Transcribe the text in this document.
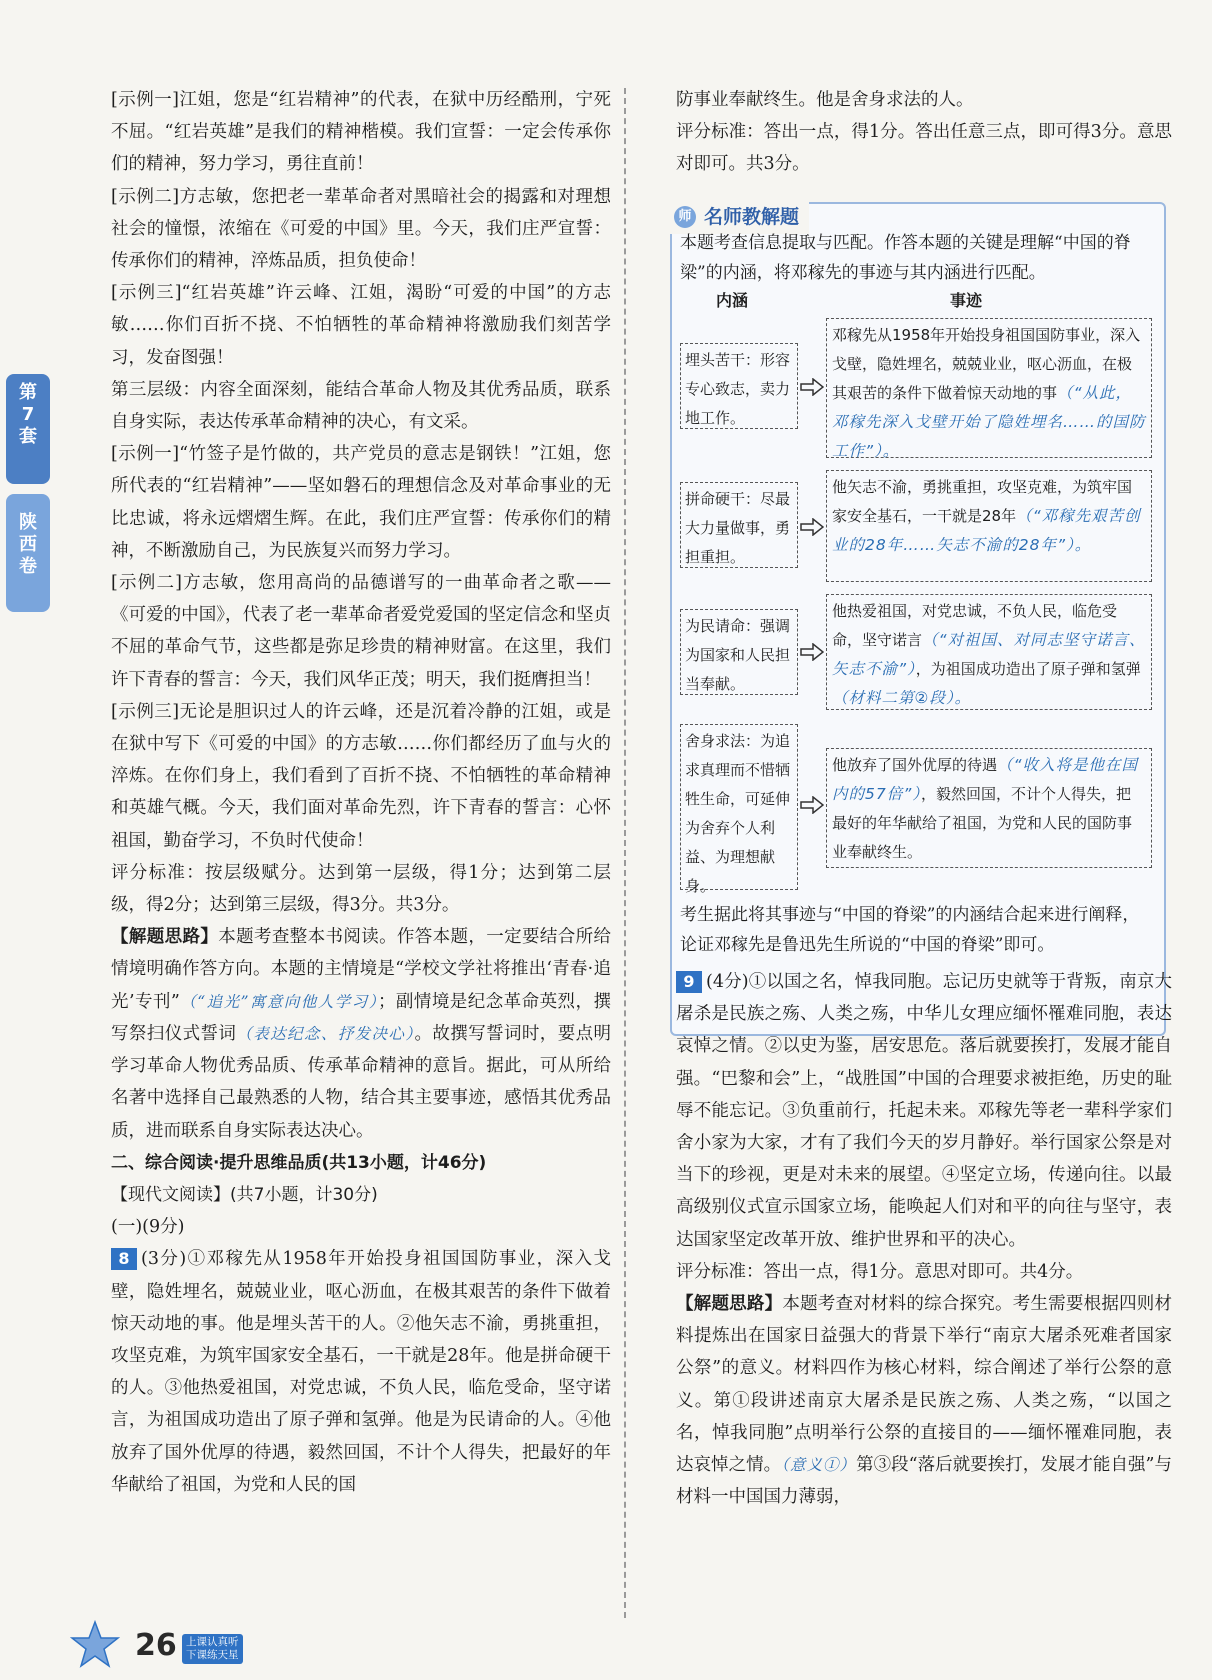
第7套
陕西卷

[示例一]江姐，您是“红岩精神”的代表，在狱中历经酷刑，宁死不屈。“红岩英雄”是我们的精神楷模。我们宣誓：一定会传承你们的精神，努力学习，勇往直前！

[示例二]方志敏，您把老一辈革命者对黑暗社会的揭露和对理想社会的憧憬，浓缩在《可爱的中国》里。今天，我们庄严宣誓：传承你们的精神，淬炼品质，担负使命！

[示例三]“红岩英雄”许云峰、江姐，渴盼“可爱的中国”的方志敏……你们百折不挠、不怕牺牲的革命精神将激励我们刻苦学习，发奋图强！

第三层级：内容全面深刻，能结合革命人物及其优秀品质，联系自身实际，表达传承革命精神的决心，有文采。

[示例一]“竹签子是竹做的，共产党员的意志是钢铁！”江姐，您所代表的“红岩精神”——坚如磐石的理想信念及对革命事业的无比忠诚，将永远熠熠生辉。在此，我们庄严宣誓：传承你们的精神，不断激励自己，为民族复兴而努力学习。

[示例二]方志敏，您用高尚的品德谱写的一曲革命者之歌——《可爱的中国》，代表了老一辈革命者爱党爱国的坚定信念和坚贞不屈的革命气节，这些都是弥足珍贵的精神财富。在这里，我们许下青春的誓言：今天，我们风华正茂；明天，我们挺膺担当！

[示例三]无论是胆识过人的许云峰，还是沉着冷静的江姐，或是在狱中写下《可爱的中国》的方志敏……你们都经历了血与火的淬炼。在你们身上，我们看到了百折不挠、不怕牺牲的革命精神和英雄气概。今天，我们面对革命先烈，许下青春的誓言：心怀祖国，勤奋学习，不负时代使命！

评分标准：按层级赋分。达到第一层级，得1分；达到第二层级，得2分；达到第三层级，得3分。共3分。

【解题思路】本题考查整本书阅读。作答本题，一定要结合所给情境明确作答方向。本题的主情境是“学校文学社将推出‘青春·追光’专刊”（“追光”寓意向他人学习）；副情境是纪念革命英烈，撰写祭扫仪式誓词（表达纪念、抒发决心）。故撰写誓词时，要点明学习革命人物优秀品质、传承革命精神的意旨。据此，可从所给名著中选择自己最熟悉的人物，结合其主要事迹，感悟其优秀品质，进而联系自身实际表达决心。

二、综合阅读·提升思维品质(共13小题，计46分)

【现代文阅读】(共7小题，计30分)

(一)(9分)

8 (3分)①邓稼先从1958年开始投身祖国国防事业，深入戈壁，隐姓埋名，兢兢业业，呕心沥血，在极其艰苦的条件下做着惊天动地的事。他是埋头苦干的人。②他矢志不渝，勇挑重担，攻坚克难，为筑牢国家安全基石，一干就是28年。他是拼命硬干的人。③他热爱祖国，对党忠诚，不负人民，临危受命，坚守诺言，为祖国成功造出了原子弹和氢弹。他是为民请命的人。④他放弃了国外优厚的待遇，毅然回国，不计个人得失，把最好的年华献给了祖国，为党和人民的国

防事业奉献终生。他是舍身求法的人。

评分标准：答出一点，得1分。答出任意三点，即可得3分。意思对即可。共3分。

师 名师教解题
本题考查信息提取与匹配。作答本题的关键是理解“中国的脊梁”的内涵，将邓稼先的事迹与其内涵进行匹配。
内涵	事迹
埋头苦干：形容专心致志，卖力地工作。
邓稼先从1958年开始投身祖国国防事业，深入戈壁，隐姓埋名，兢兢业业，呕心沥血，在极其艰苦的条件下做着惊天动地的事（“从此，邓稼先深入戈壁开始了隐姓埋名……的国防工作”）。
拼命硬干：尽最大力量做事，勇担重担。
他矢志不渝，勇挑重担，攻坚克难，为筑牢国家安全基石，一干就是28年（“邓稼先艰苦创业的28年……矢志不渝的28年”）。
为民请命：强调为国家和人民担当奉献。
他热爱祖国，对党忠诚，不负人民，临危受命，坚守诺言（“对祖国、对同志坚守诺言、矢志不渝”），为祖国成功造出了原子弹和氢弹（材料二第②段）。
舍身求法：为追求真理而不惜牺牲生命，可延伸为舍弃个人利益、为理想献身。
他放弃了国外优厚的待遇（“收入将是他在国内的57倍”），毅然回国，不计个人得失，把最好的年华献给了祖国，为党和人民的国防事业奉献终生。
考生据此将其事迹与“中国的脊梁”的内涵结合起来进行阐释，论证邓稼先是鲁迅先生所说的“中国的脊梁”即可。

9 (4分)①以国之名，悼我同胞。忘记历史就等于背叛，南京大屠杀是民族之殇、人类之殇，中华儿女理应缅怀罹难同胞，表达哀悼之情。②以史为鉴，居安思危。落后就要挨打，发展才能自强。“巴黎和会”上，“战胜国”中国的合理要求被拒绝，历史的耻辱不能忘记。③负重前行，托起未来。邓稼先等老一辈科学家们舍小家为大家，才有了我们今天的岁月静好。举行国家公祭是对当下的珍视，更是对未来的展望。④坚定立场，传递向往。以最高级别仪式宣示国家立场，能唤起人们对和平的向往与坚守，表达国家坚定改革开放、维护世界和平的决心。

评分标准：答出一点，得1分。意思对即可。共4分。

【解题思路】本题考查对材料的综合探究。考生需要根据四则材料提炼出在国家日益强大的背景下举行“南京大屠杀死难者国家公祭”的意义。材料四作为核心材料，综合阐述了举行公祭的意义。第①段讲述南京大屠杀是民族之殇、人类之殇，“以国之名，悼我同胞”点明举行公祭的直接目的——缅怀罹难同胞，表达哀悼之情。（意义①）第③段“落后就要挨打，发展才能自强”与材料一中国国力薄弱，

26 上课认真听
下课练天星
